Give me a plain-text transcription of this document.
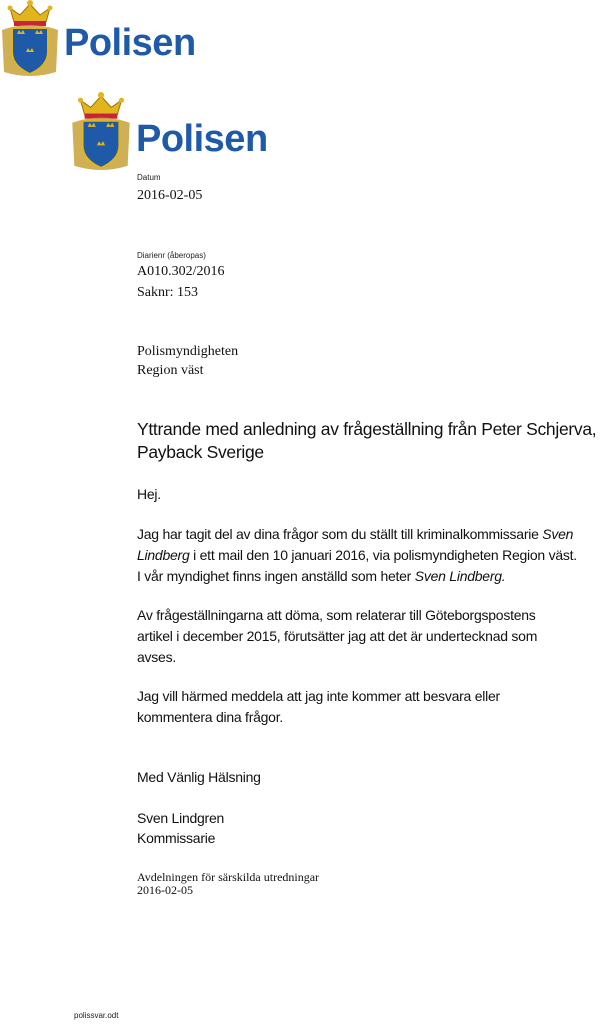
Polisen
Polisen
Datum
2016-02-05
Diarienr (åberopas)
A010.302/2016
Saknr: 153
Polismyndigheten
Region väst

Yttrande med anledning av frågeställning från Peter Schjerva,

Payback Sverige

Hej.

Jag har tagit del av dina frågor som du ställt till kriminalkommissarie Sven

Lindberg i ett mail den 10 januari 2016, via polismyndigheten Region väst.

I vår myndighet finns ingen anställd som heter Sven Lindberg.

Av frågeställningarna att döma, som relaterar till Göteborgspostens

artikel i december 2015, förutsätter jag att det är undertecknad som

avses.

Jag vill härmed meddela att jag inte kommer att besvara eller

kommentera dina frågor.

Med Vänlig Hälsning
Sven Lindgren
Kommissarie
Avdelningen för särskilda utredningar
2016-02-05
polissvar.odt
